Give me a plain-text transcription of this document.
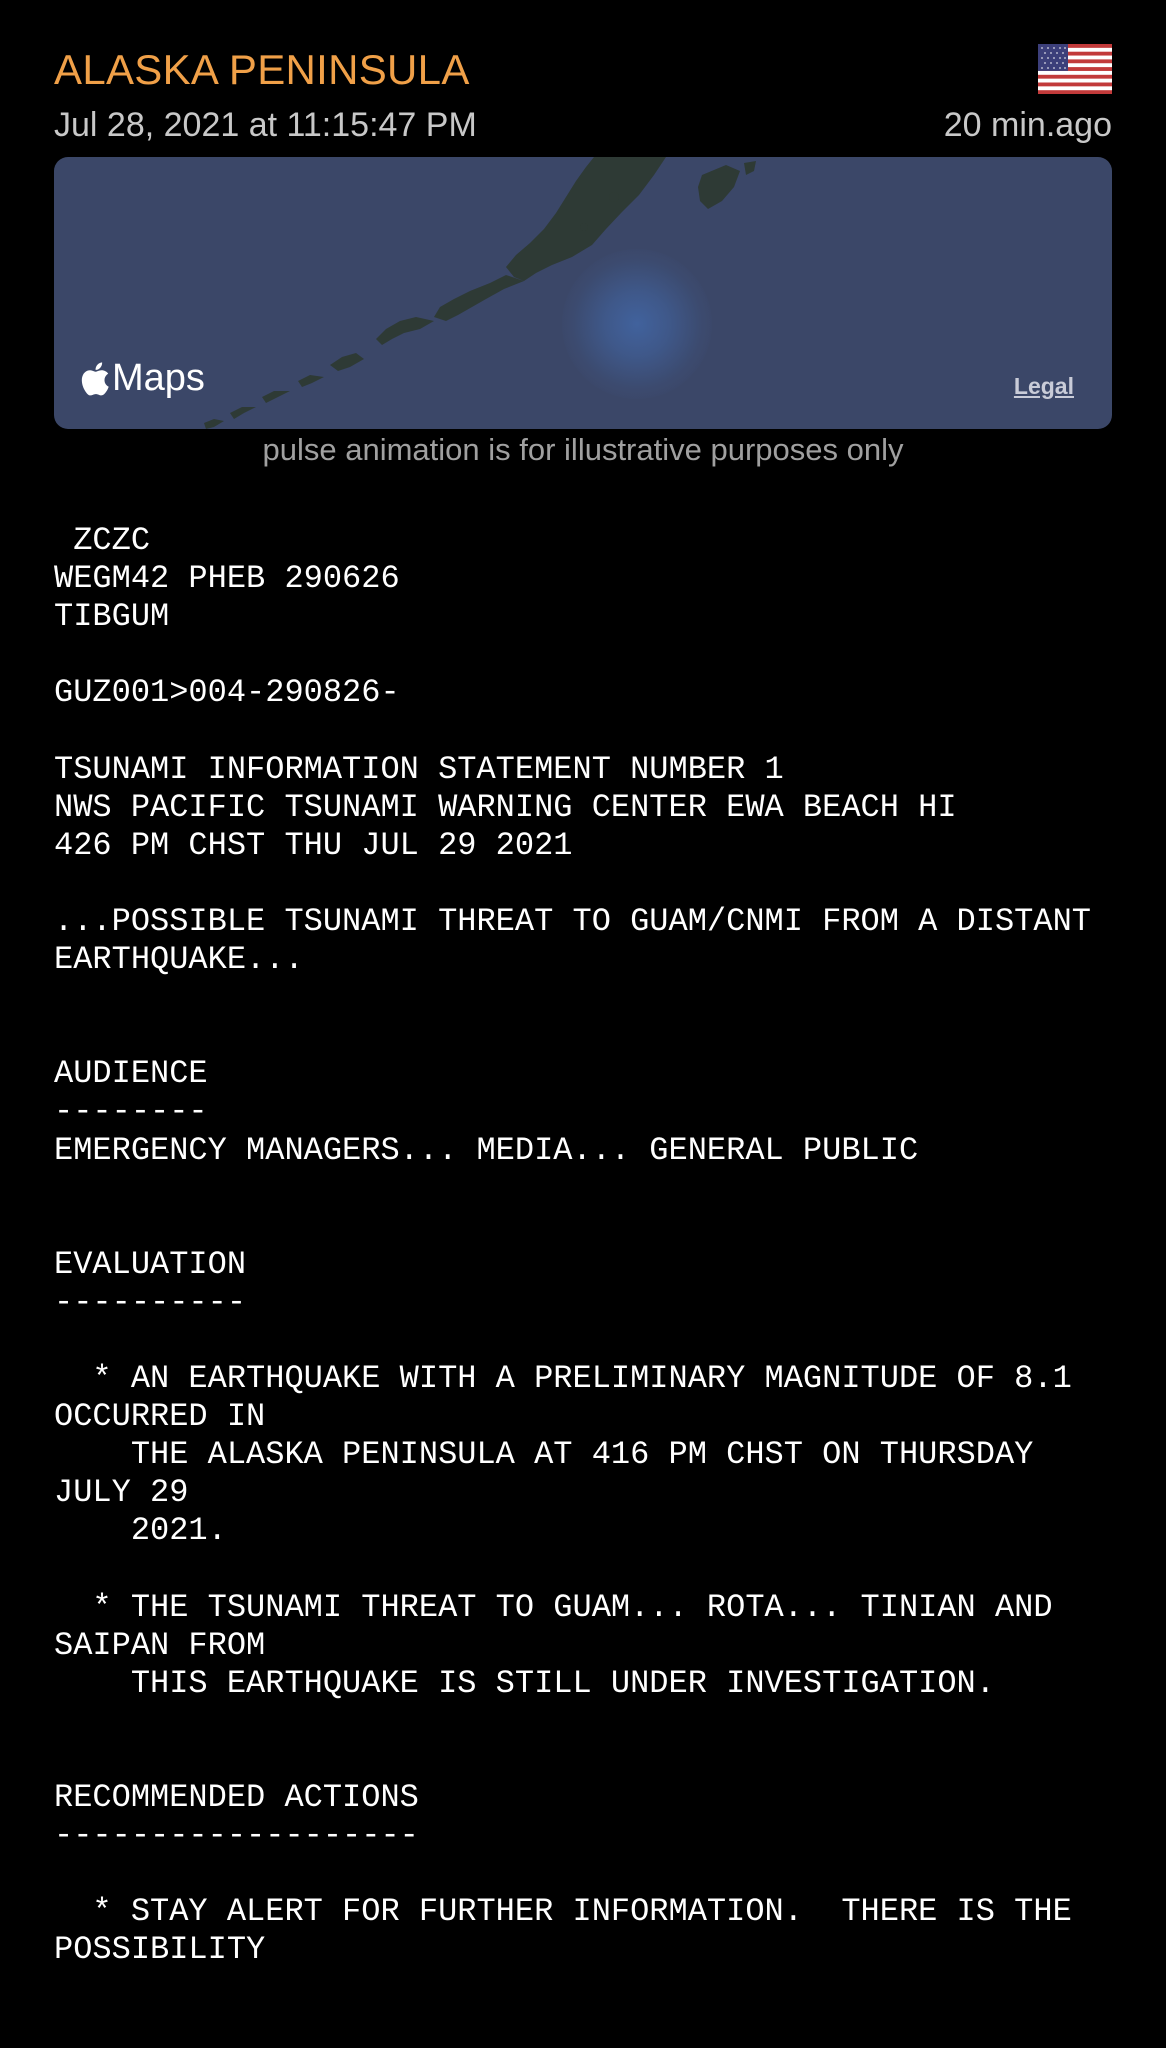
ALASKA PENINSULA
Jul 28, 2021 at 11:15:47 PM	20 min.ago
Maps	Legal
pulse animation is for illustrative purposes only
ZCZC
WEGM42 PHEB 290626
TIBGUM

GUZ001>004-290826-

TSUNAMI INFORMATION STATEMENT NUMBER 1
NWS PACIFIC TSUNAMI WARNING CENTER EWA BEACH HI
426 PM CHST THU JUL 29 2021

...POSSIBLE TSUNAMI THREAT TO GUAM/CNMI FROM A DISTANT EARTHQUAKE...

AUDIENCE
--------
EMERGENCY MANAGERS... MEDIA... GENERAL PUBLIC

EVALUATION
----------

* AN EARTHQUAKE WITH A PRELIMINARY MAGNITUDE OF 8.1 OCCURRED IN
THE ALASKA PENINSULA AT 416 PM CHST ON THURSDAY JULY 29
2021.

* THE TSUNAMI THREAT TO GUAM... ROTA... TINIAN AND SAIPAN FROM
THIS EARTHQUAKE IS STILL UNDER INVESTIGATION.

RECOMMENDED ACTIONS
-------------------

* STAY ALERT FOR FURTHER INFORMATION.  THERE IS THE POSSIBILITY
